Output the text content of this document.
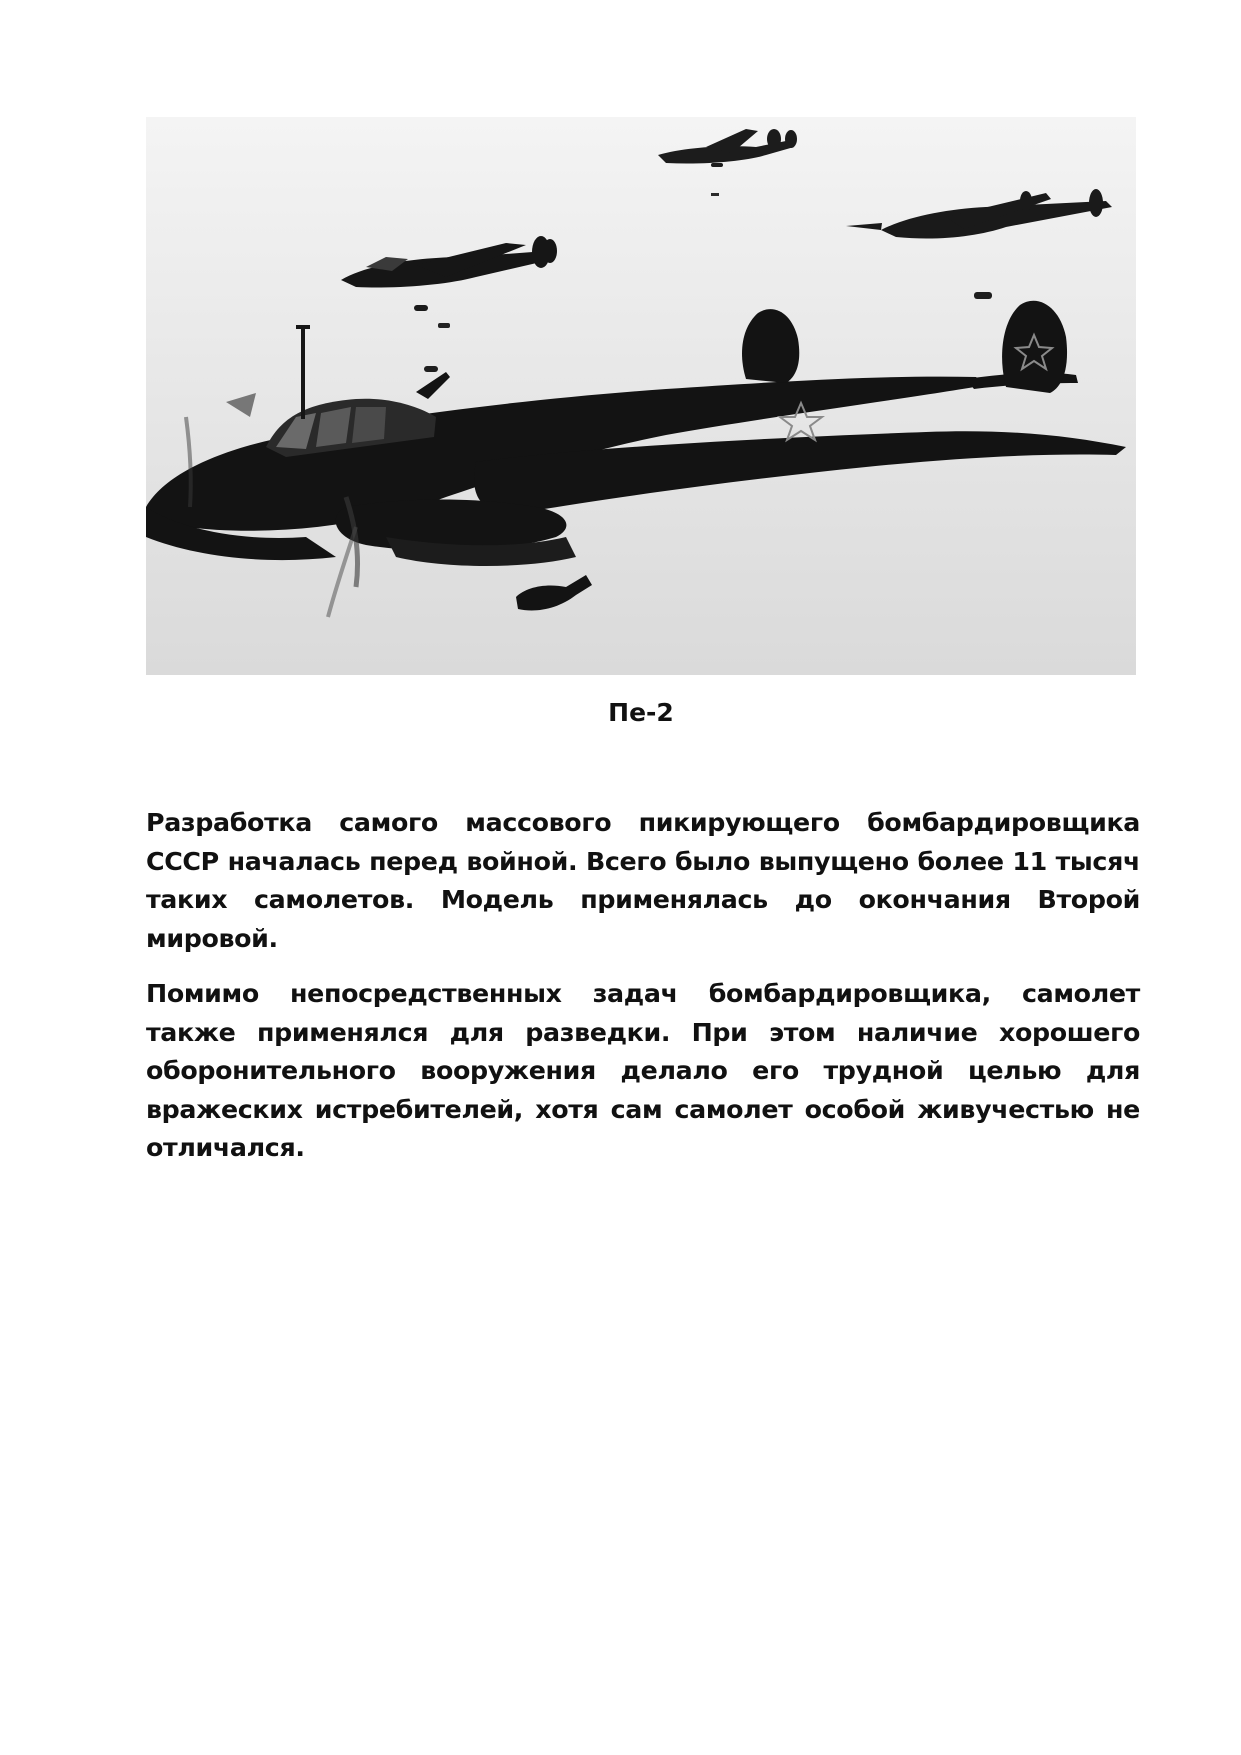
Пе-2

Разработка самого массового пикирующего бомбардировщика СССР началась перед войной. Всего было выпущено более 11 тысяч таких самолетов. Модель применялась до окончания Второй мировой.

Помимо непосредственных задач бомбардировщика, самолет также применялся для разведки. При этом наличие хорошего оборонительного вооружения делало его трудной целью для вражеских истребителей, хотя сам самолет особой живучестью не отличался.
